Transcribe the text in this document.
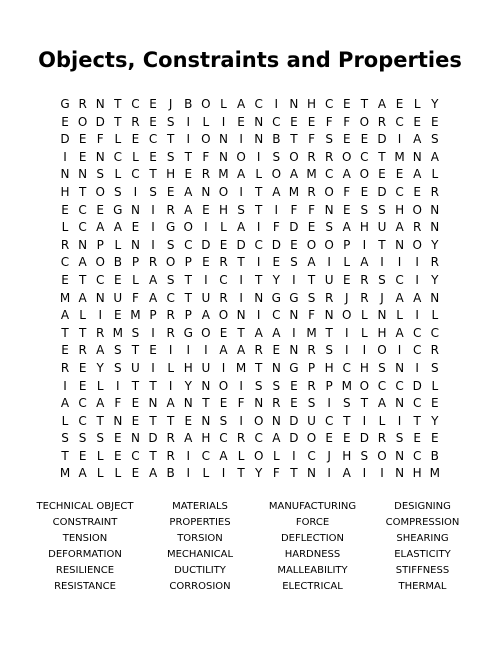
Objects, Constraints and Properties
G R N T C E	J B O L A C I N H C E T A E L Y
E O D T R E S	I	L	I	E N C E E F F O R C E E
D E F L E C T	I O N I N B T F S E E D I A S
I	E N C L E S T F N O I	S O R R O C T M N A
N N S L C T H E R M A L O A M C A O E E A L
H T O S	I	S E A N O I	T A M R O F E D C E R
E C E G N I R A E H S T	I	F F N E S S H O N
L C A A E	I G O I	L A I	F D E S A H U A R N
R N P L N I	S C D E D C D E O O P	I	T N O Y
C A O B P R O P E R T	I	E S A I	L A I	I	I R
E T C E L A S T	I C I	T Y	I	T U E R S C I	Y
M A N U F A C T U R I N G G S R J R J A A N
A L	I	E M P R P A O N I C N F N O L N L	I	L
T T R M S	I R G O E T A A I M T	I	L H A C C
E R A S T E	I	I	I A A R E N R S	I	I O I C R
R E Y S U I	L H U I M T N G P H C H S N I	S
I	E L	I	T T	I	Y N O I	S S E R P M O C C D L
A C A F E N A N T E F N R E S	I	S T A N C E
L C T N E T T E N S	I O N D U C T	I	L	I	T Y
S S S E N D R A H C R C A D O E E D R S E E
T E L E C T R I C A L O L	I C J H S O N C B
M A L L E A B I	L	I	T Y F T N I A I	I N H M
TECHNICAL OBJECT	MATERIALS	MANUFACTURING	DESIGNING
CONSTRAINT	PROPERTIES	FORCE	COMPRESSION
TENSION	TORSION	DEFLECTION	SHEARING
DEFORMATION	MECHANICAL	HARDNESS	ELASTICITY
RESILIENCE	DUCTILITY	MALLEABILITY	STIFFNESS
RESISTANCE	CORROSION	ELECTRICAL	THERMAL
